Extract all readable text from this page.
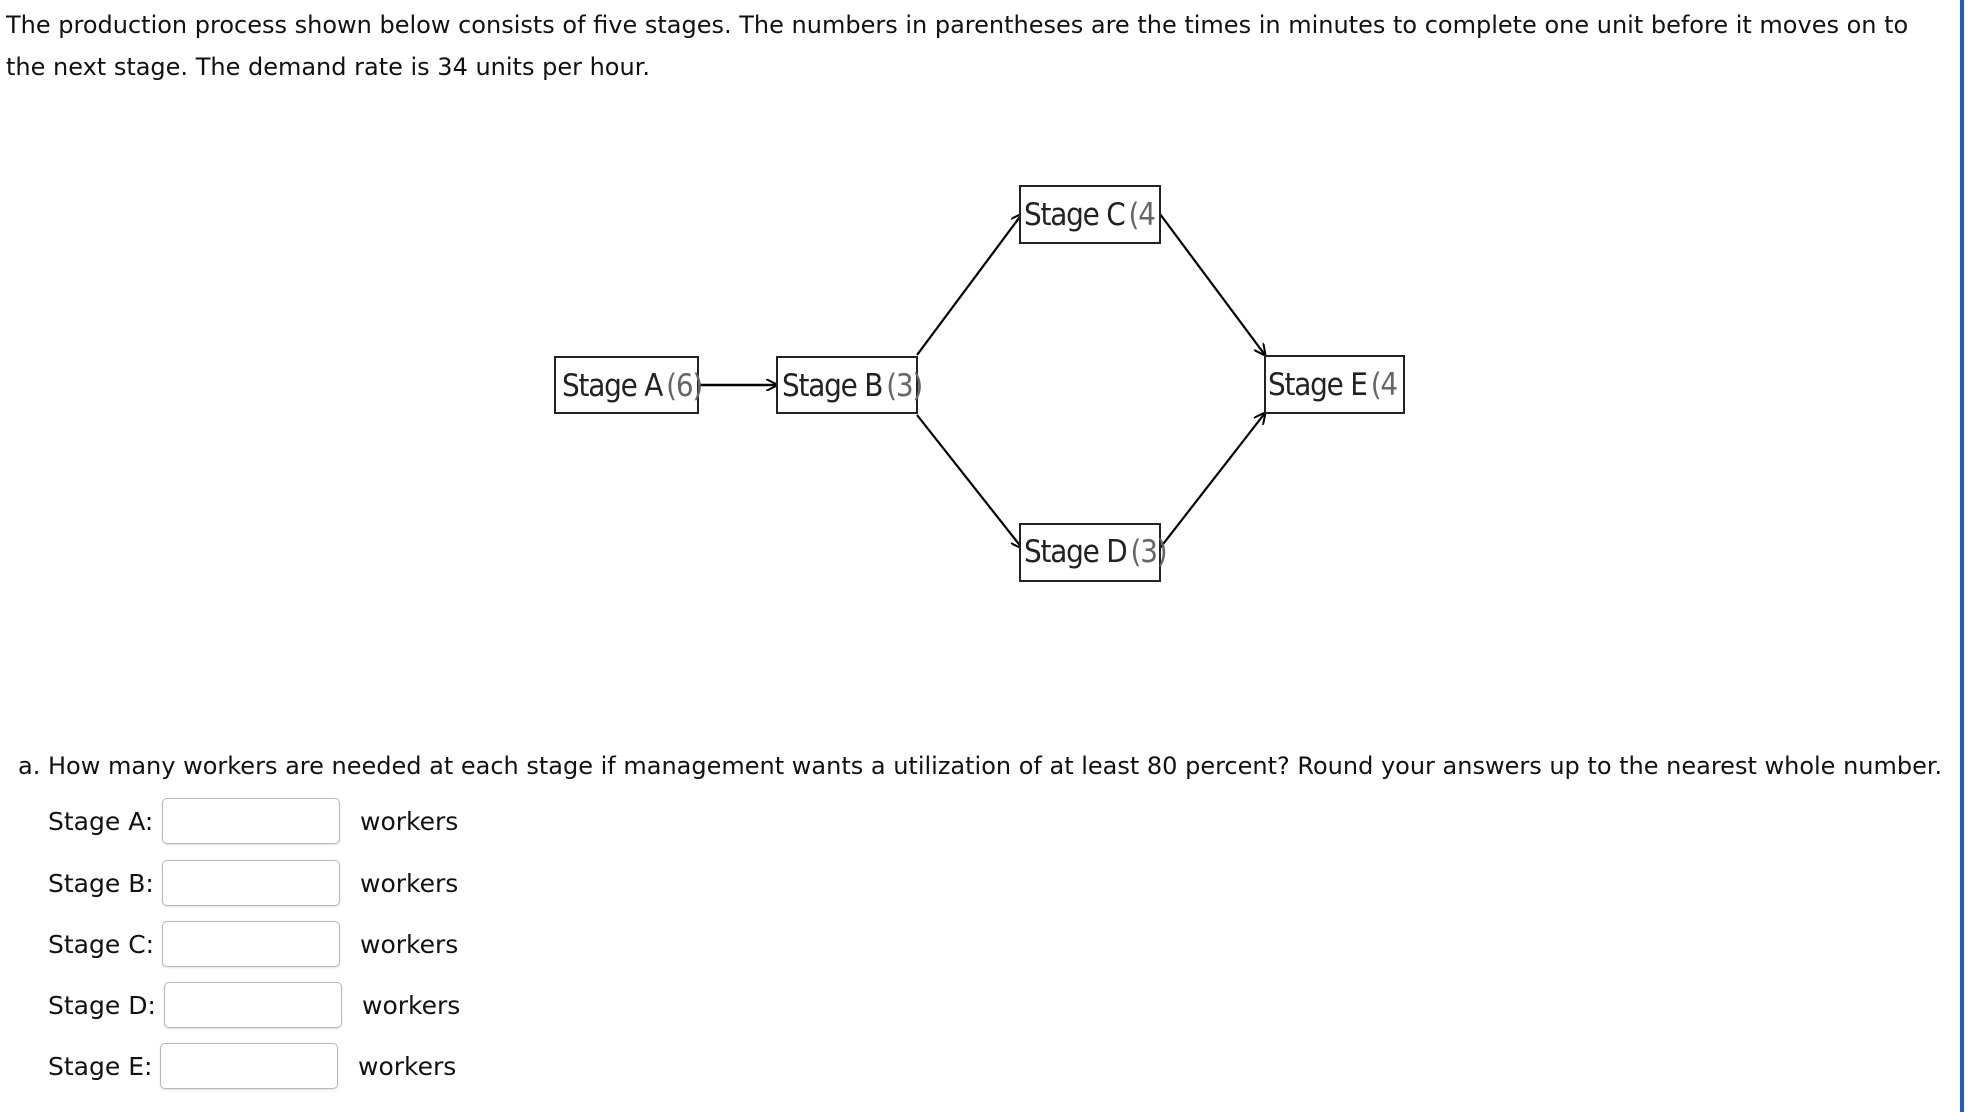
The production process shown below consists of five stages. The numbers in parentheses are the times in minutes to complete one unit before it moves on to the next stage. The demand rate is 34 units per hour.
Stage A (6)	Stage B (3)
Stage C (4
Stage D (3)
Stage E (4
a. How many workers are needed at each stage if management wants a utilization of at least 80 percent? Round your answers up to the nearest whole number.
Stage A:	workers
Stage B:	workers
Stage C:	workers
Stage D:	workers
Stage E:	workers
